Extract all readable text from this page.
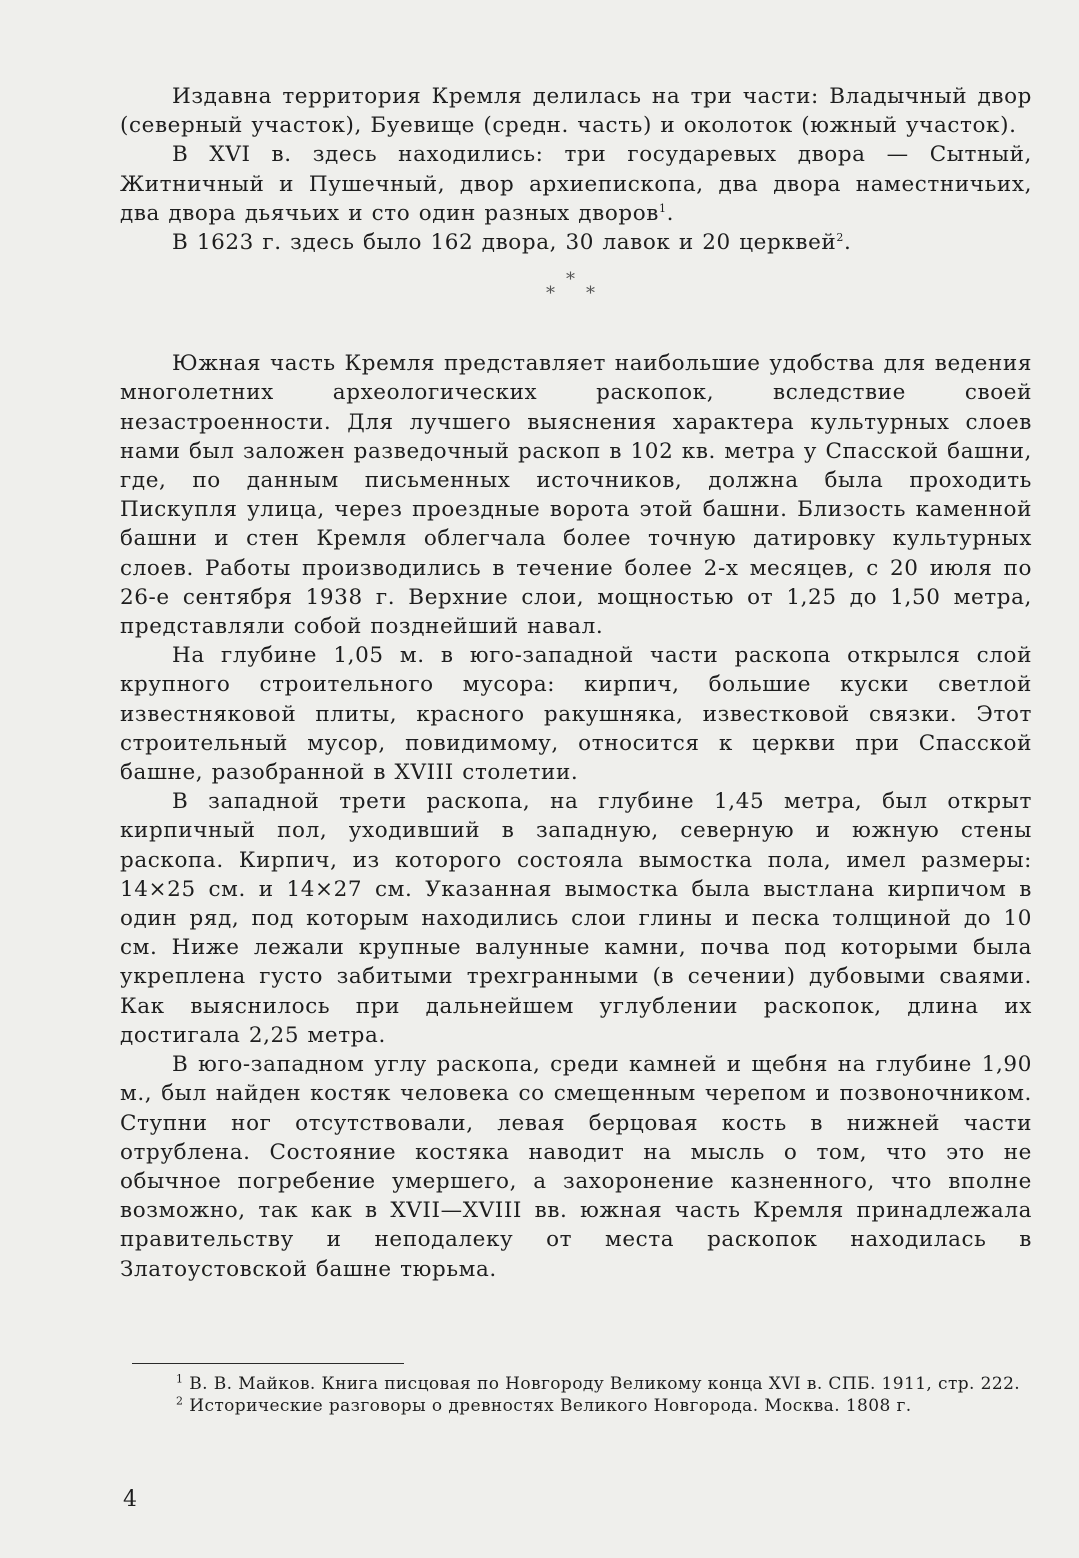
Издавна территория Кремля делилась на три части: Владычный двор (северный участок), Буевище (средн. часть) и околоток (южный участок).

В XVI в. здесь находились: три государевых двора — Сытный, Житничный и Пушечный, двор архиепископа, два двора наместничьих, два двора дьячьих и сто один разных дворов$^1$.

В 1623 г. здесь было 162 двора, 30 лавок и 20 церквей$^2$.

*
* *

Южная часть Кремля представляет наибольшие удобства для ведения многолетних археологических раскопок, вследствие своей незастроенности. Для лучшего выяснения характера культурных слоев нами был заложен разведочный раскоп в 102 кв. метра у Спасской башни, где, по данным письменных источников, должна была проходить Пискупля улица, через проездные ворота этой башни. Близость каменной башни и стен Кремля облегчала более точную датировку культурных слоев. Работы производились в течение более 2-х месяцев, с 20 июля по 26-е сентября 1938 г. Верхние слои, мощностью от 1,25 до 1,50 метра, представляли собой позднейший навал.

На глубине 1,05 м. в юго-западной части раскопа открылся слой крупного строительного мусора: кирпич, большие куски светлой известняковой плиты, красного ракушняка, известковой связки. Этот строительный мусор, повидимому, относится к церкви при Спасской башне, разобранной в XVIII столетии.

В западной трети раскопа, на глубине 1,45 метра, был открыт кирпичный пол, уходивший в западную, северную и южную стены раскопа. Кирпич, из которого состояла вымостка пола, имел размеры: 14×25 см. и 14×27 см. Указанная вымостка была выстлана кирпичом в один ряд, под которым находились слои глины и песка толщиной до 10 см. Ниже лежали крупные валунные камни, почва под которыми была укреплена густо забитыми трехгранными (в сечении) дубовыми сваями. Как выяснилось при дальнейшем углублении раскопок, длина их достигала 2,25 метра.

В юго-западном углу раскопа, среди камней и щебня на глубине 1,90 м., был найден костяк человека со смещенным черепом и позвоночником. Ступни ног отсутствовали, левая берцовая кость в нижней части отрублена. Состояние костяка наводит на мысль о том, что это не обычное погребение умершего, а захоронение казненного, что вполне возможно, так как в XVII—XVIII вв. южная часть Кремля принадлежала правительству и неподалеку от места раскопок находилась в Златоустовской башне тюрьма.

$^1$ В. В. Майков. Книга писцовая по Новгороду Великому конца XVI в. СПБ. 1911, стр. 222.

$^2$ Исторические разговоры о древностях Великого Новгорода. Москва. 1808 г.

4
